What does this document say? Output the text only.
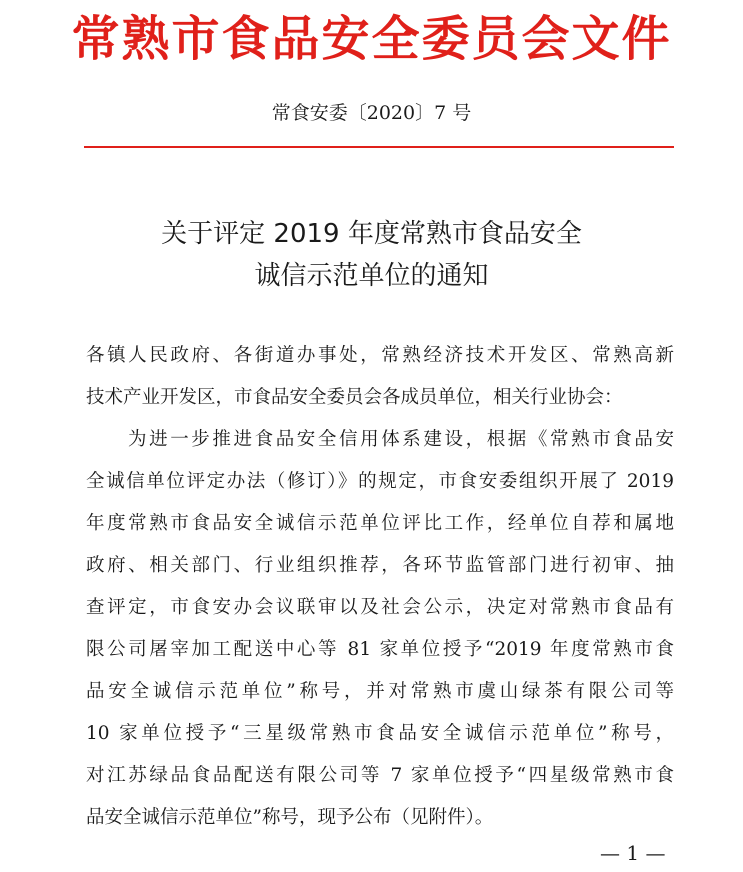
常熟市食品安全委员会文件
常食安委〔2020〕7 号
关于评定 2019 年度常熟市食品安全
诚信示范单位的通知
各镇人民政府、各街道办事处，常熟经济技术开发区、常熟高新
技术产业开发区，市食品安全委员会各成员单位，相关行业协会：
为进一步推进食品安全信用体系建设，根据《常熟市食品安
全诚信单位评定办法（修订）》的规定，市食安委组织开展了 2019
年度常熟市食品安全诚信示范单位评比工作，经单位自荐和属地
政府、相关部门、行业组织推荐，各环节监管部门进行初审、抽
查评定，市食安办会议联审以及社会公示，决定对常熟市食品有
限公司屠宰加工配送中心等 81 家单位授予“2019 年度常熟市食
品安全诚信示范单位”称号，并对常熟市虞山绿茶有限公司等
10 家单位授予“三星级常熟市食品安全诚信示范单位”称号，
对江苏绿品食品配送有限公司等 7 家单位授予“四星级常熟市食
品安全诚信示范单位”称号，现予公布（见附件）。
— 1 —
